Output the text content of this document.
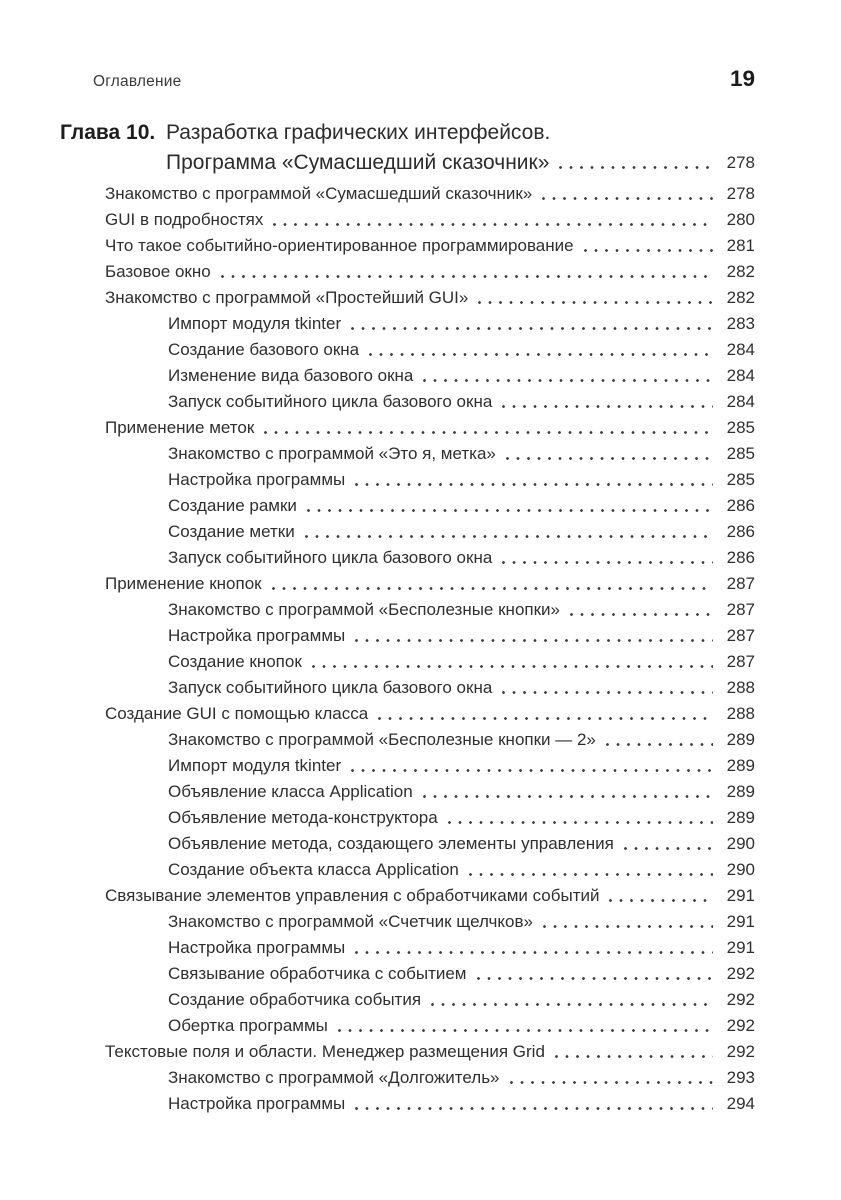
Оглавление	19
Глава 10. Разработка графических интерфейсов.
Программа «Сумасшедший сказочник»	278
Знакомство с программой «Сумасшедший сказочник»	278
GUI в подробностях	280
Что такое событийно-ориентированное программирование	281
Базовое окно	282
Знакомство с программой «Простейший GUI»	282
Импорт модуля tkinter	283
Создание базового окна	284
Изменение вида базового окна	284
Запуск событийного цикла базового окна	284
Применение меток	285
Знакомство с программой «Это я, метка»	285
Настройка программы	285
Создание рамки	286
Создание метки	286
Запуск событийного цикла базового окна	286
Применение кнопок	287
Знакомство с программой «Бесполезные кнопки»	287
Настройка программы	287
Создание кнопок	287
Запуск событийного цикла базового окна	288
Создание GUI с помощью класса	288
Знакомство с программой «Бесполезные кнопки — 2»	289
Импорт модуля tkinter	289
Объявление класса Application	289
Объявление метода-конструктора	289
Объявление метода, создающего элементы управления	290
Создание объекта класса Application	290
Связывание элементов управления с обработчиками событий	291
Знакомство с программой «Счетчик щелчков»	291
Настройка программы	291
Связывание обработчика с событием	292
Создание обработчика события	292
Обертка программы	292
Текстовые поля и области. Менеджер размещения Grid	292
Знакомство с программой «Долгожитель»	293
Настройка программы	294
